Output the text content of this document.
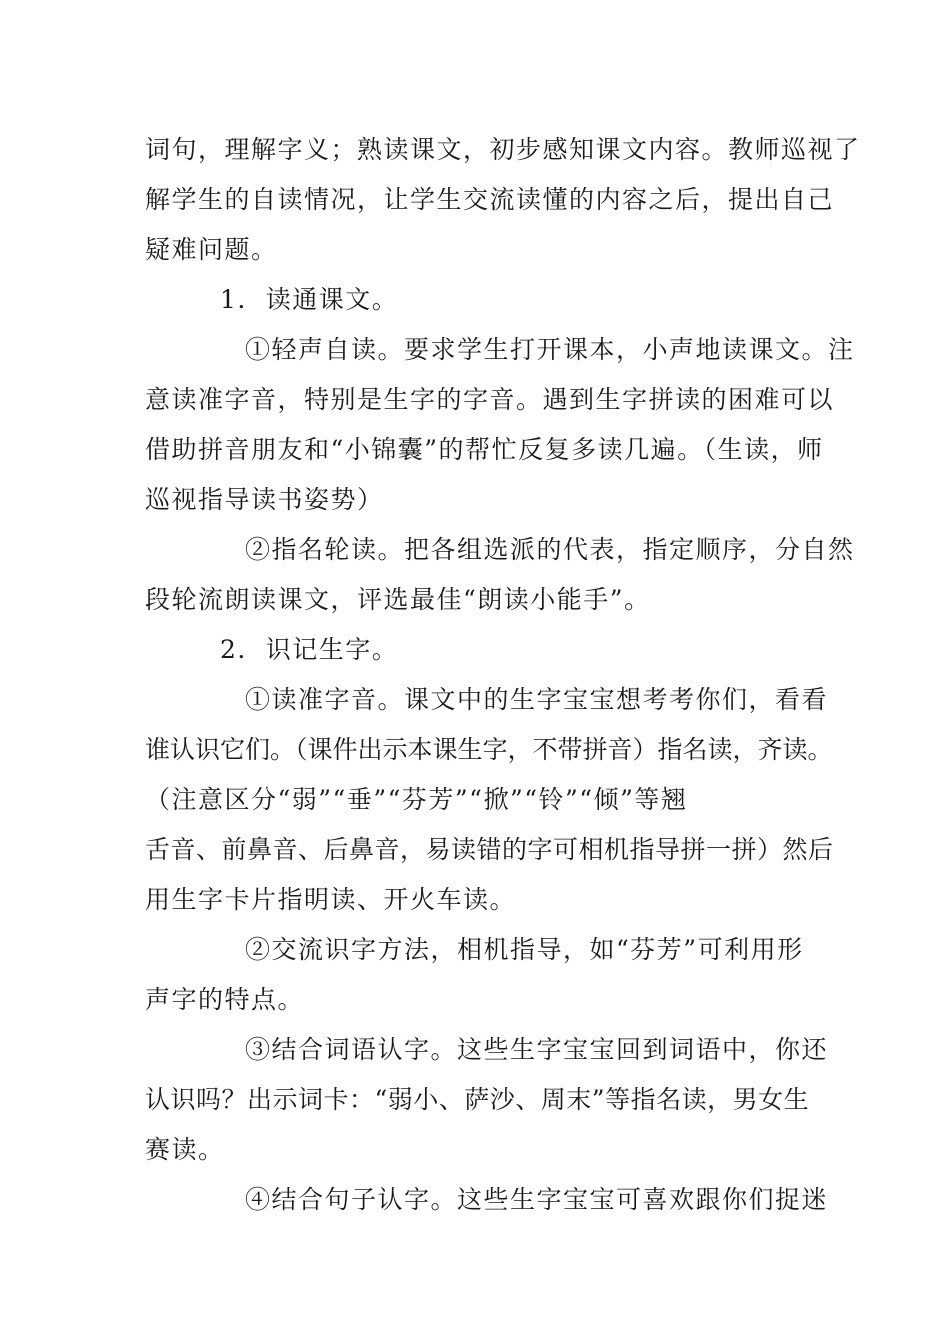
词句，理解字义；熟读课文，初步感知课文内容。教师巡视了
解学生的自读情况，让学生交流读懂的内容之后，提出自己
疑难问题。

1.  读通课文。

①轻声自读。要求学生打开课本，小声地读课文。注
意读准字音，特别是生字的字音。遇到生字拼读的困难可以
借助拼音朋友和“小锦囊”的帮忙反复多读几遍。（生读，师
巡视指导读书姿势）

②指名轮读。把各组选派的代表，指定顺序，分自然
段轮流朗读课文，评选最佳“朗读小能手”。

2.  识记生字。

①读准字音。课文中的生字宝宝想考考你们，看看
谁认识它们。（课件出示本课生字，不带拼音）指名读，齐读。
（注意区分“弱”“垂”“芬芳”“掀”“铃”“倾”等翘
舌音、前鼻音、后鼻音，易读错的字可相机指导拼一拼）然后
用生字卡片指明读、开火车读。

②交流识字方法，相机指导，如“芬芳”可利用形
声字的特点。

③结合词语认字。这些生字宝宝回到词语中，你还
认识吗？出示词卡：“弱小、萨沙、周末”等指名读，男女生
赛读。

④结合句子认字。这些生字宝宝可喜欢跟你们捉迷
